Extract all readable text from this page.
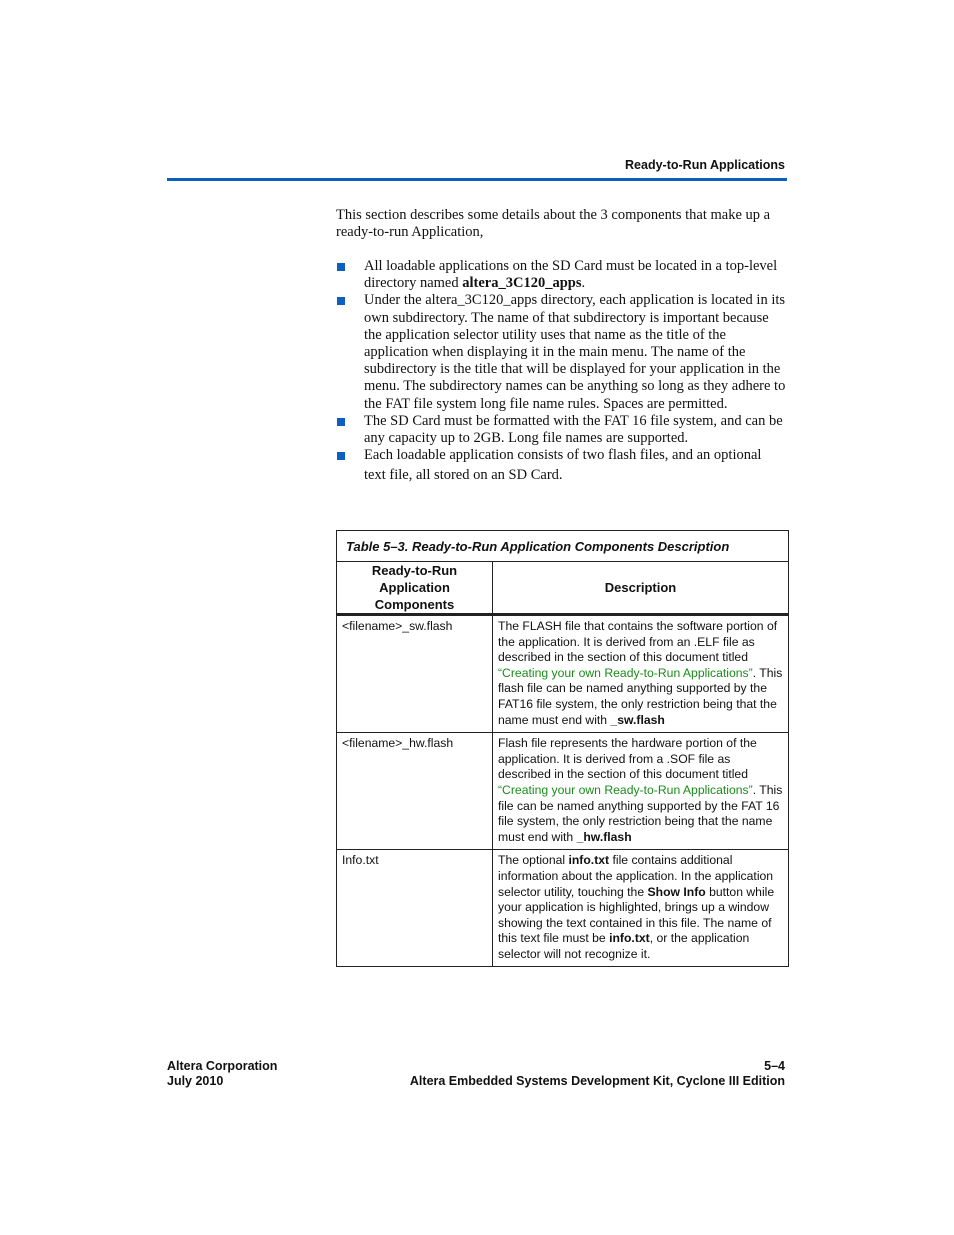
Ready-to-Run Applications

This section describes some details about the 3 components that make up a ready-to-run Application,

All loadable applications on the SD Card must be located in a top-level directory named altera_3C120_apps.
Under the altera_3C120_apps directory, each application is located in its own subdirectory. The name of that subdirectory is important because the application selector utility uses that name as the title of the application when displaying it in the main menu. The name of the subdirectory is the title that will be displayed for your application in the menu. The subdirectory names can be anything so long as they adhere to the FAT file system long file name rules. Spaces are permitted.
The SD Card must be formatted with the FAT 16 file system, and can be any capacity up to 2GB. Long file names are supported.
Each loadable application consists of two flash files, and an optional
text file, all stored on an SD Card.
Table 5–3. Ready-to-Run Application Components Description
Ready-to-Run
Application Components	Description
<filename>_sw.flash	The FLASH file that contains the software portion of the application. It is derived from an .ELF file as described in the section of this document titled “Creating your own Ready-to-Run Applications”. This flash file can be named anything supported by the FAT16 file system, the only restriction being that the name must end with _sw.flash
<filename>_hw.flash	Flash file represents the hardware portion of the application. It is derived from a .SOF file as described in the section of this document titled “Creating your own Ready-to-Run Applications”. This file can be named anything supported by the FAT 16 file system, the only restriction being that the name must end with _hw.flash
Info.txt	The optional info.txt file contains additional information about the application. In the application selector utility, touching the Show Info button while your application is highlighted, brings up a window showing the text contained in this file. The name of this text file must be info.txt, or the application selector will not recognize it.
Altera Corporation
July 2010
5–4
Altera Embedded Systems Development Kit, Cyclone III Edition
